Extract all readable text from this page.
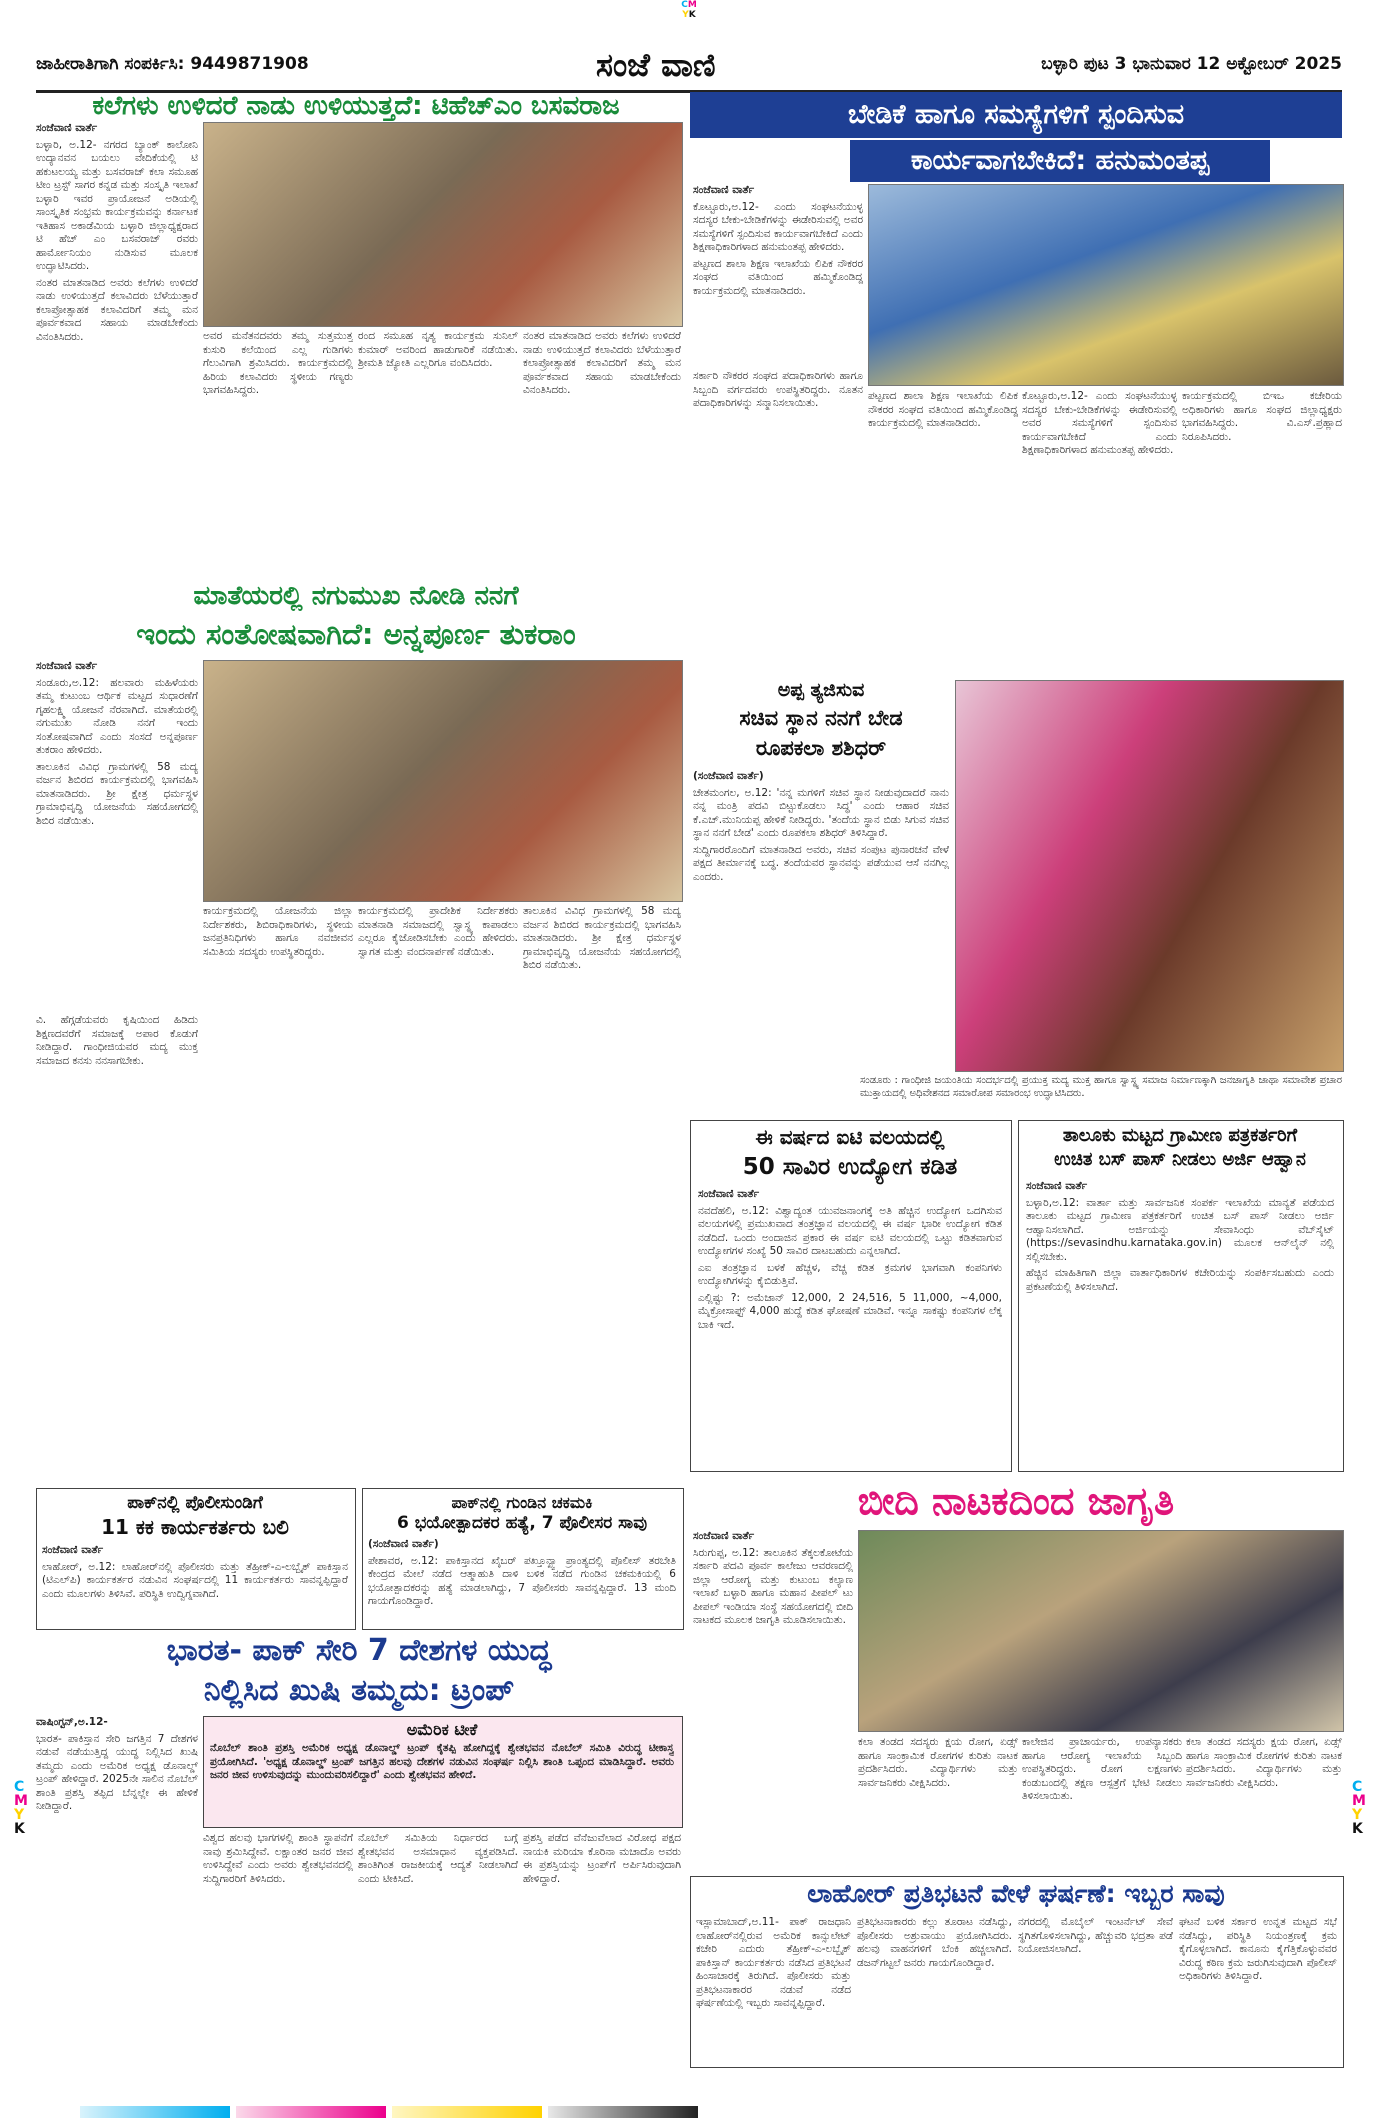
CM
YK
ಜಾಹೀರಾತಿಗಾಗಿ ಸಂಪರ್ಕಿಸಿ: 9449871908	ಸಂಜೆ ವಾಣಿ	ಬಳ್ಳಾರಿ ಪುಟ 3 ಭಾನುವಾರ 12 ಅಕ್ಟೋಬರ್ 2025
ಕಲೆಗಳು ಉಳಿದರೆ ನಾಡು ಉಳಿಯುತ್ತದೆ: ಟಿಹೆಚ್‌ಎಂ ಬಸವರಾಜ

ಸಂಜೆವಾಣಿ ವಾರ್ತೆ

ಬಳ್ಳಾರಿ, ಅ.12- ನಗರದ ಬ್ಯಾಂಕ್ ಕಾಲೋನಿ ಉದ್ಯಾನವನ ಬಯಲು ವೇದಿಕೆಯಲ್ಲಿ ಟಿ ಹಕುಟಲಯ್ಯ ಮತ್ತು ಬಸವರಾಜ್ ಕಲಾ ಸಮೂಹ ಟೀಂ ಟ್ರಸ್ಟ್ ಸಾಗರ ಕನ್ನಡ ಮತ್ತು ಸಂಸ್ಕೃತಿ ಇಲಾಖೆ ಬಳ್ಳಾರಿ ಇವರ ಪ್ರಾಯೋಜನೆ ಅಡಿಯಲ್ಲಿ ಸಾಂಸ್ಕೃತಿಕ ಸಂಭ್ರಮ ಕಾರ್ಯಕ್ರಮವನ್ನು ಕರ್ನಾಟಕ ಇತಿಹಾಸ ಅಕಾಡೆಮಿಯ ಬಳ್ಳಾರಿ ಜಿಲ್ಲಾಧ್ಯಕ್ಷರಾದ ಟಿ ಹೆಚ್ ಎಂ ಬಸವರಾಜ್ ರವರು ಹಾರ್ಮೋನಿಯಂ ನುಡಿಸುವ ಮೂಲಕ ಉದ್ಘಾಟಿಸಿದರು.

ನಂತರ ಮಾತನಾಡಿದ ಅವರು ಕಲೆಗಳು ಉಳಿದರೆ ನಾಡು ಉಳಿಯುತ್ತದೆ ಕಲಾವಿದರು ಬೆಳೆಯುತ್ತಾರೆ ಕಲಾಪ್ರೋತ್ಸಾಹಕ ಕಲಾವಿದರಿಗೆ ತಮ್ಮ ಮನ ಪೂರ್ವಕವಾದ ಸಹಾಯ ಮಾಡಬೇಕೆಂದು ವಿನಂತಿಸಿದರು.	ಅವರ ಮನೆತನದವರು ತಮ್ಮ ಸುತ್ತಮುತ್ತ ಕುಸುರಿ ಕಲೆಯಿಂದ ಎಲ್ಲ ಗುಡಿಗಳು ಗೆಲುವಿಗಾಗಿ ಶ್ರಮಿಸಿದರು. ಕಾರ್ಯಕ್ರಮದಲ್ಲಿ ಹಿರಿಯ ಕಲಾವಿದರು ಸ್ಥಳೀಯ ಗಣ್ಯರು ಭಾಗವಹಿಸಿದ್ದರು.
ರಂದ ಸಮೂಹ ನೃತ್ಯ ಕಾರ್ಯಕ್ರಮ ಸುನಿಲ್ ಕುಮಾರ್ ಅವರಿಂದ ಹಾಡುಗಾರಿಕೆ ನಡೆಯಿತು. ಶ್ರೀಮತಿ ಜ್ಯೋತಿ ಎಲ್ಲರಿಗೂ ವಂದಿಸಿದರು.
ನಂತರ ಮಾತನಾಡಿದ ಅವರು ಕಲೆಗಳು ಉಳಿದರೆ ನಾಡು ಉಳಿಯುತ್ತದೆ ಕಲಾವಿದರು ಬೆಳೆಯುತ್ತಾರೆ ಕಲಾಪ್ರೋತ್ಸಾಹಕ ಕಲಾವಿದರಿಗೆ ತಮ್ಮ ಮನ ಪೂರ್ವಕವಾದ ಸಹಾಯ ಮಾಡಬೇಕೆಂದು ವಿನಂತಿಸಿದರು.
ಬೇಡಿಕೆ ಹಾಗೂ ಸಮಸ್ಯೆಗಳಿಗೆ ಸ್ಪಂದಿಸುವ
ಕಾರ್ಯವಾಗಬೇಕಿದೆ: ಹನುಮಂತಪ್ಪ

ಸಂಜೆವಾಣಿ ವಾರ್ತೆ

ಕೊಟ್ಟೂರು,ಅ.12- ಎಂದು ಸಂಘಟನೆಯುಳ್ಳ ಸದಸ್ಯರ ಬೇಕು-ಬೇಡಿಕೆಗಳನ್ನು ಈಡೇರಿಸುವಲ್ಲಿ ಅವರ ಸಮಸ್ಯೆಗಳಿಗೆ ಸ್ಪಂದಿಸುವ ಕಾರ್ಯವಾಗಬೇಕಿದೆ ಎಂದು ಶಿಕ್ಷಣಾಧಿಕಾರಿಗಳಾದ ಹನುಮಂತಪ್ಪ ಹೇಳಿದರು.

ಪಟ್ಟಣದ ಶಾಲಾ ಶಿಕ್ಷಣ ಇಲಾಖೆಯ ಲಿಪಿಕ ನೌಕರರ ಸಂಘದ ವತಿಯಿಂದ ಹಮ್ಮಿಕೊಂಡಿದ್ದ ಕಾರ್ಯಕ್ರಮದಲ್ಲಿ ಮಾತನಾಡಿದರು.

ಸರ್ಕಾರಿ ನೌಕರರ ಸಂಘದ ಪದಾಧಿಕಾರಿಗಳು ಹಾಗೂ ಸಿಬ್ಬಂದಿ ವರ್ಗದವರು ಉಪಸ್ಥಿತರಿದ್ದರು. ನೂತನ ಪದಾಧಿಕಾರಿಗಳನ್ನು ಸನ್ಮಾನಿಸಲಾಯಿತು.
ಪಟ್ಟಣದ ಶಾಲಾ ಶಿಕ್ಷಣ ಇಲಾಖೆಯ ಲಿಪಿಕ ನೌಕರರ ಸಂಘದ ವತಿಯಿಂದ ಹಮ್ಮಿಕೊಂಡಿದ್ದ ಕಾರ್ಯಕ್ರಮದಲ್ಲಿ ಮಾತನಾಡಿದರು.
ಕೊಟ್ಟೂರು,ಅ.12- ಎಂದು ಸಂಘಟನೆಯುಳ್ಳ ಸದಸ್ಯರ ಬೇಕು-ಬೇಡಿಕೆಗಳನ್ನು ಈಡೇರಿಸುವಲ್ಲಿ ಅವರ ಸಮಸ್ಯೆಗಳಿಗೆ ಸ್ಪಂದಿಸುವ ಕಾರ್ಯವಾಗಬೇಕಿದೆ ಎಂದು ಶಿಕ್ಷಣಾಧಿಕಾರಿಗಳಾದ ಹನುಮಂತಪ್ಪ ಹೇಳಿದರು.
ಕಾರ್ಯಕ್ರಮದಲ್ಲಿ ಬಿಇಒ ಕಚೇರಿಯ ಅಧಿಕಾರಿಗಳು ಹಾಗೂ ಸಂಘದ ಜಿಲ್ಲಾಧ್ಯಕ್ಷರು ಭಾಗವಹಿಸಿದ್ದರು. ವಿ.ಎಸ್.ಪ್ರಹ್ಲಾದ ನಿರೂಪಿಸಿದರು.
ಮಾತೆಯರಲ್ಲಿ ನಗುಮುಖ ನೋಡಿ ನನಗೆ
ಇಂದು ಸಂತೋಷವಾಗಿದೆ: ಅನ್ನಪೂರ್ಣ ತುಕರಾಂ

ಸಂಜೆವಾಣಿ ವಾರ್ತೆ

ಸಂಡೂರು,ಅ.12: ಹಲವಾರು ಮಹಿಳೆಯರು ತಮ್ಮ ಕುಟುಂಬ ಆರ್ಥಿಕ ಮಟ್ಟದ ಸುಧಾರಣೆಗೆ ಗೃಹಲಕ್ಷ್ಮಿ ಯೋಜನೆ ನೆರವಾಗಿದೆ. ಮಾತೆಯರಲ್ಲಿ ನಗುಮುಖ ನೋಡಿ ನನಗೆ ಇಂದು ಸಂತೋಷವಾಗಿದೆ ಎಂದು ಸಂಸದೆ ಅನ್ನಪೂರ್ಣ ತುಕರಾಂ ಹೇಳಿದರು.

ತಾಲೂಕಿನ ವಿವಿಧ ಗ್ರಾಮಗಳಲ್ಲಿ 58 ಮದ್ಯ ವರ್ಜನ ಶಿಬಿರದ ಕಾರ್ಯಕ್ರಮದಲ್ಲಿ ಭಾಗವಹಿಸಿ ಮಾತನಾಡಿದರು. ಶ್ರೀ ಕ್ಷೇತ್ರ ಧರ್ಮಸ್ಥಳ ಗ್ರಾಮಾಭಿವೃದ್ಧಿ ಯೋಜನೆಯ ಸಹಯೋಗದಲ್ಲಿ ಶಿಬಿರ ನಡೆಯಿತು.

ವಿ. ಹೆಗ್ಗಡೆಯವರು ಕೃಷಿಯಿಂದ ಹಿಡಿದು ಶಿಕ್ಷಣದವರೆಗೆ ಸಮಾಜಕ್ಕೆ ಅಪಾರ ಕೊಡುಗೆ ನೀಡಿದ್ದಾರೆ. ಗಾಂಧೀಜಿಯವರ ಮದ್ಯ ಮುಕ್ತ ಸಮಾಜದ ಕನಸು ನನಸಾಗಬೇಕು.
ಕಾರ್ಯಕ್ರಮದಲ್ಲಿ ಯೋಜನೆಯ ಜಿಲ್ಲಾ ನಿರ್ದೇಶಕರು, ಶಿಬಿರಾಧಿಕಾರಿಗಳು, ಸ್ಥಳೀಯ ಜನಪ್ರತಿನಿಧಿಗಳು ಹಾಗೂ ನವಜೀವನ ಸಮಿತಿಯ ಸದಸ್ಯರು ಉಪಸ್ಥಿತರಿದ್ದರು.
ಕಾರ್ಯಕ್ರಮದಲ್ಲಿ ಪ್ರಾದೇಶಿಕ ನಿರ್ದೇಶಕರು ಮಾತನಾಡಿ ಸಮಾಜದಲ್ಲಿ ಸ್ವಾಸ್ಥ್ಯ ಕಾಪಾಡಲು ಎಲ್ಲರೂ ಕೈಜೋಡಿಸಬೇಕು ಎಂದು ಹೇಳಿದರು. ಸ್ವಾಗತ ಮತ್ತು ವಂದನಾರ್ಪಣೆ ನಡೆಯಿತು.
ತಾಲೂಕಿನ ವಿವಿಧ ಗ್ರಾಮಗಳಲ್ಲಿ 58 ಮದ್ಯ ವರ್ಜನ ಶಿಬಿರದ ಕಾರ್ಯಕ್ರಮದಲ್ಲಿ ಭಾಗವಹಿಸಿ ಮಾತನಾಡಿದರು. ಶ್ರೀ ಕ್ಷೇತ್ರ ಧರ್ಮಸ್ಥಳ ಗ್ರಾಮಾಭಿವೃದ್ಧಿ ಯೋಜನೆಯ ಸಹಯೋಗದಲ್ಲಿ ಶಿಬಿರ ನಡೆಯಿತು.
ಅಪ್ಪ ತ್ಯಜಿಸುವ
ಸಚಿವ ಸ್ಥಾನ ನನಗೆ ಬೇಡ
ರೂಪಕಲಾ ಶಶಿಧರ್

(ಸಂಜೆವಾಣಿ ವಾರ್ತೆ)

ಚೇತಮಂಗಲ, ಅ.12: 'ನನ್ನ ಮಗಳಿಗೆ ಸಚಿವ ಸ್ಥಾನ ನೀಡುವುದಾದರೆ ನಾನು ನನ್ನ ಮಂತ್ರಿ ಪದವಿ ಬಿಟ್ಟುಕೊಡಲು ಸಿದ್ಧ' ಎಂದು ಆಹಾರ ಸಚಿವ ಕೆ.ಎಚ್.ಮುನಿಯಪ್ಪ ಹೇಳಿಕೆ ನೀಡಿದ್ದರು. 'ತಂದೆಯ ಸ್ಥಾನ ಬಿಡು ಸಿಗುವ ಸಚಿವ ಸ್ಥಾನ ನನಗೆ ಬೇಡ' ಎಂದು ರೂಪಕಲಾ ಶಶಿಧರ್ ತಿಳಿಸಿದ್ದಾರೆ.

ಸುದ್ದಿಗಾರರೊಂದಿಗೆ ಮಾತನಾಡಿದ ಅವರು, ಸಚಿವ ಸಂಪುಟ ಪುನಾರಚನೆ ವೇಳೆ ಪಕ್ಷದ ತೀರ್ಮಾನಕ್ಕೆ ಬದ್ಧ. ತಂದೆಯವರ ಸ್ಥಾನವನ್ನು ಪಡೆಯುವ ಆಸೆ ನನಗಿಲ್ಲ ಎಂದರು.

ಸಂಡೂರು : ಗಾಂಧೀಜಿ ಜಯಂತಿಯ ಸಂದರ್ಭದಲ್ಲಿ ಪ್ರಯುಕ್ತ ಮದ್ಯ ಮುಕ್ತ ಹಾಗೂ ಸ್ವಾಸ್ಥ್ಯ ಸಮಾಜ ನಿರ್ಮಾಣಕ್ಕಾಗಿ ಜನಜಾಗೃತಿ ಜಾಥಾ ಸಮಾವೇಶ ಪ್ರಚಾರ ಮುಕ್ತಾಯದಲ್ಲಿ ಅಧಿವೇಶನದ ಸಮಾರೋಪ ಸಮಾರಂಭ ಉದ್ಘಾಟಿಸಿದರು.
ಈ ವರ್ಷದ ಐಟಿ ವಲಯದಲ್ಲಿ
50 ಸಾವಿರ ಉದ್ಯೋಗ ಕಡಿತ

ಸಂಜೆವಾಣಿ ವಾರ್ತೆ

ನವದೆಹಲಿ, ಅ.12: ವಿಶ್ವಾದ್ಯಂತ ಯುವಜನಾಂಗಕ್ಕೆ ಅತಿ ಹೆಚ್ಚಿನ ಉದ್ಯೋಗ ಒದಗಿಸುವ ವಲಯಗಳಲ್ಲಿ ಪ್ರಮುಖವಾದ ತಂತ್ರಜ್ಞಾನ ವಲಯದಲ್ಲಿ ಈ ವರ್ಷ ಭಾರೀ ಉದ್ಯೋಗ ಕಡಿತ ನಡೆದಿದೆ. ಒಂದು ಅಂದಾಜಿನ ಪ್ರಕಾರ ಈ ವರ್ಷ ಐಟಿ ವಲಯದಲ್ಲಿ ಒಟ್ಟು ಕಡಿತವಾಗುವ ಉದ್ಯೋಗಗಳ ಸಂಖ್ಯೆ 50 ಸಾವಿರ ದಾಟಬಹುದು ಎನ್ನಲಾಗಿದೆ.

ಎಐ ತಂತ್ರಜ್ಞಾನ ಬಳಕೆ ಹೆಚ್ಚಳ, ವೆಚ್ಚ ಕಡಿತ ಕ್ರಮಗಳ ಭಾಗವಾಗಿ ಕಂಪನಿಗಳು ಉದ್ಯೋಗಿಗಳನ್ನು ಕೈಬಿಡುತ್ತಿವೆ.

ಎಲ್ಲಿಷ್ಟು ?: ಅಮೆಜಾನ್ 12,000, 2 24,516, 5 11,000, ~4,000, ಮೈಕ್ರೋಸಾಫ್ಟ್ 4,000 ಹುದ್ದೆ ಕಡಿತ ಘೋಷಣೆ ಮಾಡಿವೆ. ಇನ್ನೂ ಸಾಕಷ್ಟು ಕಂಪನಿಗಳ ಲೆಕ್ಕ ಬಾಕಿ ಇದೆ.

ತಾಲೂಕು ಮಟ್ಟದ ಗ್ರಾಮೀಣ ಪತ್ರಕರ್ತರಿಗೆ
ಉಚಿತ ಬಸ್ ಪಾಸ್ ನೀಡಲು ಅರ್ಜಿ ಆಹ್ವಾನ

ಸಂಜೆವಾಣಿ ವಾರ್ತೆ

ಬಳ್ಳಾರಿ,ಅ.12: ವಾರ್ತಾ ಮತ್ತು ಸಾರ್ವಜನಿಕ ಸಂಪರ್ಕ ಇಲಾಖೆಯ ಮಾನ್ಯತೆ ಪಡೆಯದ ತಾಲೂಕು ಮಟ್ಟದ ಗ್ರಾಮೀಣ ಪತ್ರಕರ್ತರಿಗೆ ಉಚಿತ ಬಸ್ ಪಾಸ್ ನೀಡಲು ಅರ್ಜಿ ಆಹ್ವಾನಿಸಲಾಗಿದೆ. ಅರ್ಜಿಯನ್ನು ಸೇವಾಸಿಂಧು ವೆಬ್‌ಸೈಟ್ (https://sevasindhu.karnataka.gov.in) ಮೂಲಕ ಆನ್‌ಲೈನ್ ನಲ್ಲಿ ಸಲ್ಲಿಸಬೇಕು.

ಹೆಚ್ಚಿನ ಮಾಹಿತಿಗಾಗಿ ಜಿಲ್ಲಾ ವಾರ್ತಾಧಿಕಾರಿಗಳ ಕಚೇರಿಯನ್ನು ಸಂಪರ್ಕಿಸಬಹುದು ಎಂದು ಪ್ರಕಟಣೆಯಲ್ಲಿ ತಿಳಿಸಲಾಗಿದೆ.

ಬೀದಿ ನಾಟಕದಿಂದ ಜಾಗೃತಿ

ಸಂಜೆವಾಣಿ ವಾರ್ತೆ

ಸಿರುಗುಪ್ಪ, ಅ.12: ತಾಲೂಕಿನ ತೆಕ್ಕಲಕೋಟೆಯ ಸರ್ಕಾರಿ ಪದವಿ ಪೂರ್ವ ಕಾಲೇಜು ಆವರಣದಲ್ಲಿ ಜಿಲ್ಲಾ ಆರೋಗ್ಯ ಮತ್ತು ಕುಟುಂಬ ಕಲ್ಯಾಣ ಇಲಾಖೆ ಬಳ್ಳಾರಿ ಹಾಗೂ ಮಹಾನ ಪೀಪಲ್ ಟು ಪೀಪಲ್ ಇಂಡಿಯಾ ಸಂಸ್ಥೆ ಸಹಯೋಗದಲ್ಲಿ ಬೀದಿ ನಾಟಕದ ಮೂಲಕ ಜಾಗೃತಿ ಮೂಡಿಸಲಾಯಿತು.

ಕಲಾ ತಂಡದ ಸದಸ್ಯರು ಕ್ಷಯ ರೋಗ, ಏಡ್ಸ್ ಹಾಗೂ ಸಾಂಕ್ರಾಮಿಕ ರೋಗಗಳ ಕುರಿತು ನಾಟಕ ಪ್ರದರ್ಶಿಸಿದರು. ವಿದ್ಯಾರ್ಥಿಗಳು ಮತ್ತು ಸಾರ್ವಜನಿಕರು ವೀಕ್ಷಿಸಿದರು.
ಕಾಲೇಜಿನ ಪ್ರಾಚಾರ್ಯರು, ಉಪನ್ಯಾಸಕರು ಹಾಗೂ ಆರೋಗ್ಯ ಇಲಾಖೆಯ ಸಿಬ್ಬಂದಿ ಉಪಸ್ಥಿತರಿದ್ದರು. ರೋಗ ಲಕ್ಷಣಗಳು ಕಂಡುಬಂದಲ್ಲಿ ತಕ್ಷಣ ಆಸ್ಪತ್ರೆಗೆ ಭೇಟಿ ನೀಡಲು ತಿಳಿಸಲಾಯಿತು.
ಕಲಾ ತಂಡದ ಸದಸ್ಯರು ಕ್ಷಯ ರೋಗ, ಏಡ್ಸ್ ಹಾಗೂ ಸಾಂಕ್ರಾಮಿಕ ರೋಗಗಳ ಕುರಿತು ನಾಟಕ ಪ್ರದರ್ಶಿಸಿದರು. ವಿದ್ಯಾರ್ಥಿಗಳು ಮತ್ತು ಸಾರ್ವಜನಿಕರು ವೀಕ್ಷಿಸಿದರು.
ಪಾಕ್‌ನಲ್ಲಿ ಪೊಲೀಸುಂಡಿಗೆ
11 ಕಕ ಕಾರ್ಯಕರ್ತರು ಬಲಿ

ಸಂಜೆವಾಣಿ ವಾರ್ತೆ

ಲಾಹೋರ್, ಅ.12: ಲಾಹೋರ್‌ನಲ್ಲಿ ಪೊಲೀಸರು ಮತ್ತು ತೆಹ್ರೀಕ್-ಎ-ಲಬ್ಬೈಕ್ ಪಾಕಿಸ್ತಾನ (ಟಿಎಲ್‌ಪಿ) ಕಾರ್ಯಕರ್ತರ ನಡುವಿನ ಸಂಘರ್ಷದಲ್ಲಿ 11 ಕಾರ್ಯಕರ್ತರು ಸಾವನ್ನಪ್ಪಿದ್ದಾರೆ ಎಂದು ಮೂಲಗಳು ತಿಳಿಸಿವೆ. ಪರಿಸ್ಥಿತಿ ಉದ್ವಿಗ್ನವಾಗಿದೆ.

ಪಾಕ್‌ನಲ್ಲಿ ಗುಂಡಿನ ಚಕಮಕಿ
6 ಭಯೋತ್ಪಾದಕರ ಹತ್ಯೆ, 7 ಪೊಲೀಸರ ಸಾವು

(ಸಂಜೆವಾಣಿ ವಾರ್ತೆ)

ಪೇಶಾವರ, ಅ.12: ಪಾಕಿಸ್ತಾನದ ಖೈಬರ್ ಪಖ್ತೂನ್ಖ್ವಾ ಪ್ರಾಂತ್ಯದಲ್ಲಿ ಪೊಲೀಸ್ ತರಬೇತಿ ಕೇಂದ್ರದ ಮೇಲೆ ನಡೆದ ಆತ್ಮಾಹುತಿ ದಾಳಿ ಬಳಿಕ ನಡೆದ ಗುಂಡಿನ ಚಕಮಕಿಯಲ್ಲಿ 6 ಭಯೋತ್ಪಾದಕರನ್ನು ಹತ್ಯೆ ಮಾಡಲಾಗಿದ್ದು, 7 ಪೊಲೀಸರು ಸಾವನ್ನಪ್ಪಿದ್ದಾರೆ. 13 ಮಂದಿ ಗಾಯಗೊಂಡಿದ್ದಾರೆ.

ಭಾರತ- ಪಾಕ್ ಸೇರಿ 7 ದೇಶಗಳ ಯುದ್ಧ
ನಿಲ್ಲಿಸಿದ ಖುಷಿ ತಮ್ಮದು: ಟ್ರಂಪ್

ವಾಷಿಂಗ್ಟನ್,ಅ.12-

ಭಾರತ- ಪಾಕಿಸ್ತಾನ ಸೇರಿ ಜಗತ್ತಿನ 7 ದೇಶಗಳ ನಡುವೆ ನಡೆಯುತ್ತಿದ್ದ ಯುದ್ಧ ನಿಲ್ಲಿಸಿದ ಖುಷಿ ತಮ್ಮದು ಎಂದು ಅಮೆರಿಕ ಅಧ್ಯಕ್ಷ ಡೊನಾಲ್ಡ್ ಟ್ರಂಪ್ ಹೇಳಿದ್ದಾರೆ. 2025ನೇ ಸಾಲಿನ ನೊಬೆಲ್ ಶಾಂತಿ ಪ್ರಶಸ್ತಿ ತಪ್ಪಿದ ಬೆನ್ನಲ್ಲೇ ಈ ಹೇಳಿಕೆ ನೀಡಿದ್ದಾರೆ.

ಅಮೆರಿಕ ಟೀಕೆ
ನೊಬೆಲ್ ಶಾಂತಿ ಪ್ರಶಸ್ತಿ ಅಮೆರಿಕ ಅಧ್ಯಕ್ಷ ಡೊನಾಲ್ಡ್ ಟ್ರಂಪ್ ಕೈತಪ್ಪಿ ಹೋಗಿದ್ದಕ್ಕೆ ಶ್ವೇತಭವನ ನೊಬೆಲ್ ಸಮಿತಿ ವಿರುದ್ಧ ಟೀಕಾಸ್ತ್ರ ಪ್ರಯೋಗಿಸಿದೆ. 'ಅಧ್ಯಕ್ಷ ಡೊನಾಲ್ಡ್ ಟ್ರಂಪ್ ಜಗತ್ತಿನ ಹಲವು ದೇಶಗಳ ನಡುವಿನ ಸಂಘರ್ಷ ನಿಲ್ಲಿಸಿ ಶಾಂತಿ ಒಪ್ಪಂದ ಮಾಡಿಸಿದ್ದಾರೆ. ಅವರು ಜನರ ಜೀವ ಉಳಿಸುವುದನ್ನು ಮುಂದುವರಿಸಲಿದ್ದಾರೆ' ಎಂದು ಶ್ವೇತಭವನ ಹೇಳಿದೆ.
ವಿಶ್ವದ ಹಲವು ಭಾಗಗಳಲ್ಲಿ ಶಾಂತಿ ಸ್ಥಾಪನೆಗೆ ನಾವು ಶ್ರಮಿಸಿದ್ದೇವೆ. ಲಕ್ಷಾಂತರ ಜನರ ಜೀವ ಉಳಿಸಿದ್ದೇವೆ ಎಂದು ಅವರು ಶ್ವೇತಭವನದಲ್ಲಿ ಸುದ್ದಿಗಾರರಿಗೆ ತಿಳಿಸಿದರು.
ನೊಬೆಲ್ ಸಮಿತಿಯ ನಿರ್ಧಾರದ ಬಗ್ಗೆ ಶ್ವೇತಭವನ ಅಸಮಾಧಾನ ವ್ಯಕ್ತಪಡಿಸಿದೆ. ಶಾಂತಿಗಿಂತ ರಾಜಕೀಯಕ್ಕೆ ಆದ್ಯತೆ ನೀಡಲಾಗಿದೆ ಎಂದು ಟೀಕಿಸಿದೆ.
ಪ್ರಶಸ್ತಿ ಪಡೆದ ವೆನೆಜುವೆಲಾದ ವಿರೋಧ ಪಕ್ಷದ ನಾಯಕಿ ಮರಿಯಾ ಕೊರಿನಾ ಮಚಾದೊ ಅವರು ಈ ಪ್ರಶಸ್ತಿಯನ್ನು ಟ್ರಂಪ್‌ಗೆ ಅರ್ಪಿಸಿರುವುದಾಗಿ ಹೇಳಿದ್ದಾರೆ.
ಲಾಹೋರ್ ಪ್ರತಿಭಟನೆ ವೇಳೆ ಘರ್ಷಣೆ: ಇಬ್ಬರ ಸಾವು
ಇಸ್ಲಾಮಾಬಾದ್,ಅ.11- ಪಾಕ್ ರಾಜಧಾನಿ ಲಾಹೋರ್‌ನಲ್ಲಿರುವ ಅಮೆರಿಕ ಕಾನ್ಸುಲೇಟ್ ಕಚೇರಿ ಎದುರು ತೆಹ್ರೀಕ್-ಎ-ಲಬ್ಬೈಕ್ ಪಾಕಿಸ್ತಾನ್ ಕಾರ್ಯಕರ್ತರು ನಡೆಸಿದ ಪ್ರತಿಭಟನೆ ಹಿಂಸಾಚಾರಕ್ಕೆ ತಿರುಗಿದೆ. ಪೊಲೀಸರು ಮತ್ತು ಪ್ರತಿಭಟನಾಕಾರರ ನಡುವೆ ನಡೆದ ಘರ್ಷಣೆಯಲ್ಲಿ ಇಬ್ಬರು ಸಾವನ್ನಪ್ಪಿದ್ದಾರೆ.
ಪ್ರತಿಭಟನಾಕಾರರು ಕಲ್ಲು ತೂರಾಟ ನಡೆಸಿದ್ದು, ಪೊಲೀಸರು ಅಶ್ರುವಾಯು ಪ್ರಯೋಗಿಸಿದರು. ಹಲವು ವಾಹನಗಳಿಗೆ ಬೆಂಕಿ ಹಚ್ಚಲಾಗಿದೆ. ಡಜನ್‌ಗಟ್ಟಲೆ ಜನರು ಗಾಯಗೊಂಡಿದ್ದಾರೆ.
ನಗರದಲ್ಲಿ ಮೊಬೈಲ್ ಇಂಟರ್ನೆಟ್ ಸೇವೆ ಸ್ಥಗಿತಗೊಳಿಸಲಾಗಿದ್ದು, ಹೆಚ್ಚುವರಿ ಭದ್ರತಾ ಪಡೆ ನಿಯೋಜಿಸಲಾಗಿದೆ.
ಘಟನೆ ಬಳಿಕ ಸರ್ಕಾರ ಉನ್ನತ ಮಟ್ಟದ ಸಭೆ ನಡೆಸಿದ್ದು, ಪರಿಸ್ಥಿತಿ ನಿಯಂತ್ರಣಕ್ಕೆ ಕ್ರಮ ಕೈಗೊಳ್ಳಲಾಗಿದೆ. ಕಾನೂನು ಕೈಗೆತ್ತಿಕೊಳ್ಳುವವರ ವಿರುದ್ಧ ಕಠಿಣ ಕ್ರಮ ಜರುಗಿಸುವುದಾಗಿ ಪೊಲೀಸ್ ಅಧಿಕಾರಿಗಳು ತಿಳಿಸಿದ್ದಾರೆ.
C
M
Y
K
C
M
Y
K
